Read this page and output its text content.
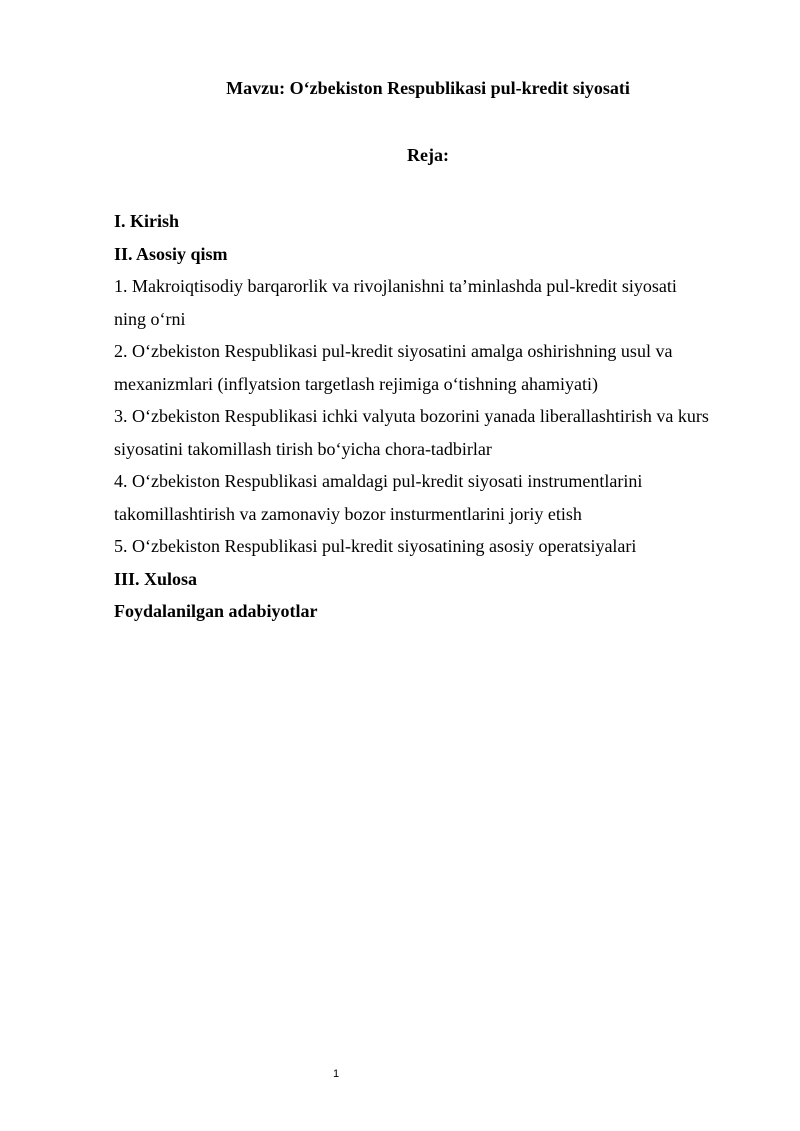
Mavzu: O‘zbekiston Respublikasi pul-kredit siyosati
Reja:
I. Kirish
II. Asosiy qism
1. Makroiqtisodiy barqarorlik va rivojlanishni ta’minlashda pul-kredit siyosati
ning o‘rni
2. O‘zbekiston Respublikasi pul-kredit siyosatini amalga oshirishning usul va
mexanizmlari (inflyatsion targetlash rejimiga o‘tishning ahamiyati)
3. O‘zbekiston Respublikasi ichki valyuta bozorini yanada liberallashtirish va kurs
siyosatini takomillash tirish bo‘yicha chora-tadbirlar
4. O‘zbekiston Respublikasi amaldagi pul-kredit siyosati instrumentlarini
takomillashtirish va zamonaviy bozor insturmentlarini joriy etish
5. O‘zbekiston Respublikasi pul-kredit siyosatining asosiy operatsiyalari
III. Xulosa
Foydalanilgan adabiyotlar
1
